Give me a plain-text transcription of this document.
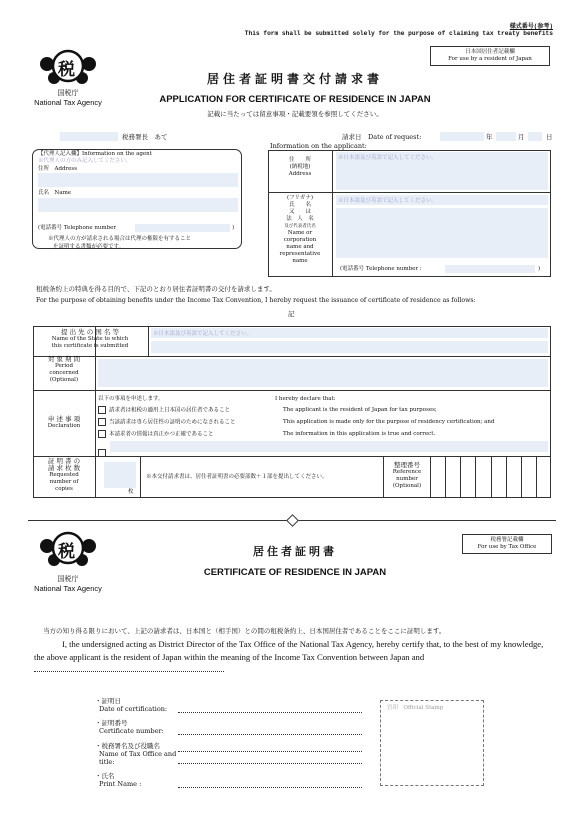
様式番号(参考)
This form shall be submitted solely for the purpose of claiming tax treaty benefits
日本国居住者記載欄
For use by a resident of Japan
税
国税庁
National Tax Agency
居住者証明書交付請求書
APPLICATION FOR CERTIFICATE OF RESIDENCE IN JAPAN
記載に当たっては留意事項・記載要領を参照してください。
税務署長　あて	請求日　Date of request:	年	月	日
Information on the applicant:
【代理人記入欄】Information on the agent
※代理人の方のみ記入してください。
住所　Address
氏名　Name
(電話番号 Telephone number	)
※代理人の方が請求される場合は代理の権限を有すること
を証明する書類が必要です。
住　　所
(納税地)
Address
※日本語及び英語で記入してください。
(フリガナ)
氏　　名
又　　は
法　人　名
及び代表者氏名
Name or
corporation
name and
representative
name
※日本語及び英語で記入してください。
(電話番号 Telephone number :	)
租税条約上の特典を得る目的で、下記のとおり居住者証明書の交付を請求します。
For the purpose of obtaining benefits under the Income Tax Convention, I hereby request the issuance of certificate of residence as follows:
記
提 出 先 の 国 名 等
Name of the State to which
this certificate is submitted
※日本語及び英語で記入してください。
対 象 期 間
Period
concerned
(Optional)
申 述 事 項
Declaration
以下の事項を申述します。	I hereby declare that:
請求者は租税の適用上日本国の居住者であること	The applicant is the resident of Japan for tax purposes;
当該請求は専ら居住性の証明のためになされること	This application is made only for the purpose of residency certification; and
本請求者の情報は真正かつ正確であること	The information in this application is true and correct.
証 明 書 の
請 求 枚 数
Requested
number of
copies	枚
※本交付請求書は、居住者証明書の必要部数＋１部を提出してください。
整理番号
Reference
number
(Optional)
税
国税庁
National Tax Agency
税務署記載欄
For use by Tax Office
居住者証明書
CERTIFICATE OF RESIDENCE IN JAPAN
当方の知り得る限りにおいて、上記の請求者は、日本国と（相手国）との間の租税条約上、日本国居住者であることをここに証明します。
I, the undersigned acting as District Director of the Tax Office of the National Tax Agency, hereby certify that, to the best of my knowledge, the above applicant is the resident of Japan within the meaning of the Income Tax Convention between Japan and
・証明日
Date of certification:
・証明番号
Certificate number:
・税務署名及び役職名
Name of Tax Office and title:
・氏名
Print Name :
官印　Official Stamp
